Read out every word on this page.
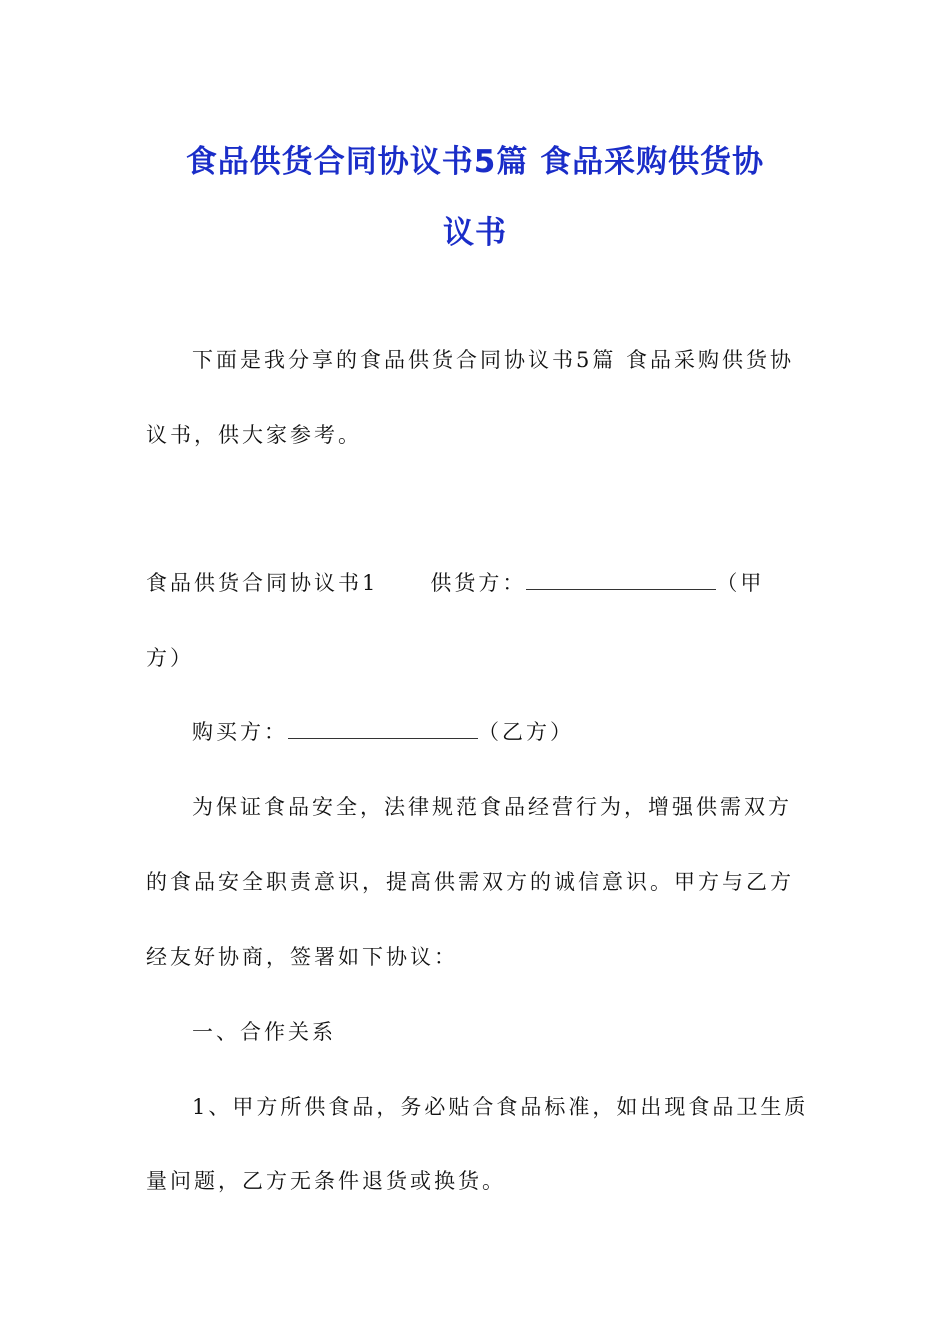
食品供货合同协议书5篇 食品采购供货协
议书
下面是我分享的食品供货合同协议书5篇 食品采购供货协
议书，供大家参考。
食品供货合同协议书1 供货方：	（甲
方）
购买方：	（乙方）
为保证食品安全，法律规范食品经营行为，增强供需双方
的食品安全职责意识，提高供需双方的诚信意识。甲方与乙方
经友好协商，签署如下协议：
一、合作关系
1、甲方所供食品，务必贴合食品标准，如出现食品卫生质
量问题，乙方无条件退货或换货。
